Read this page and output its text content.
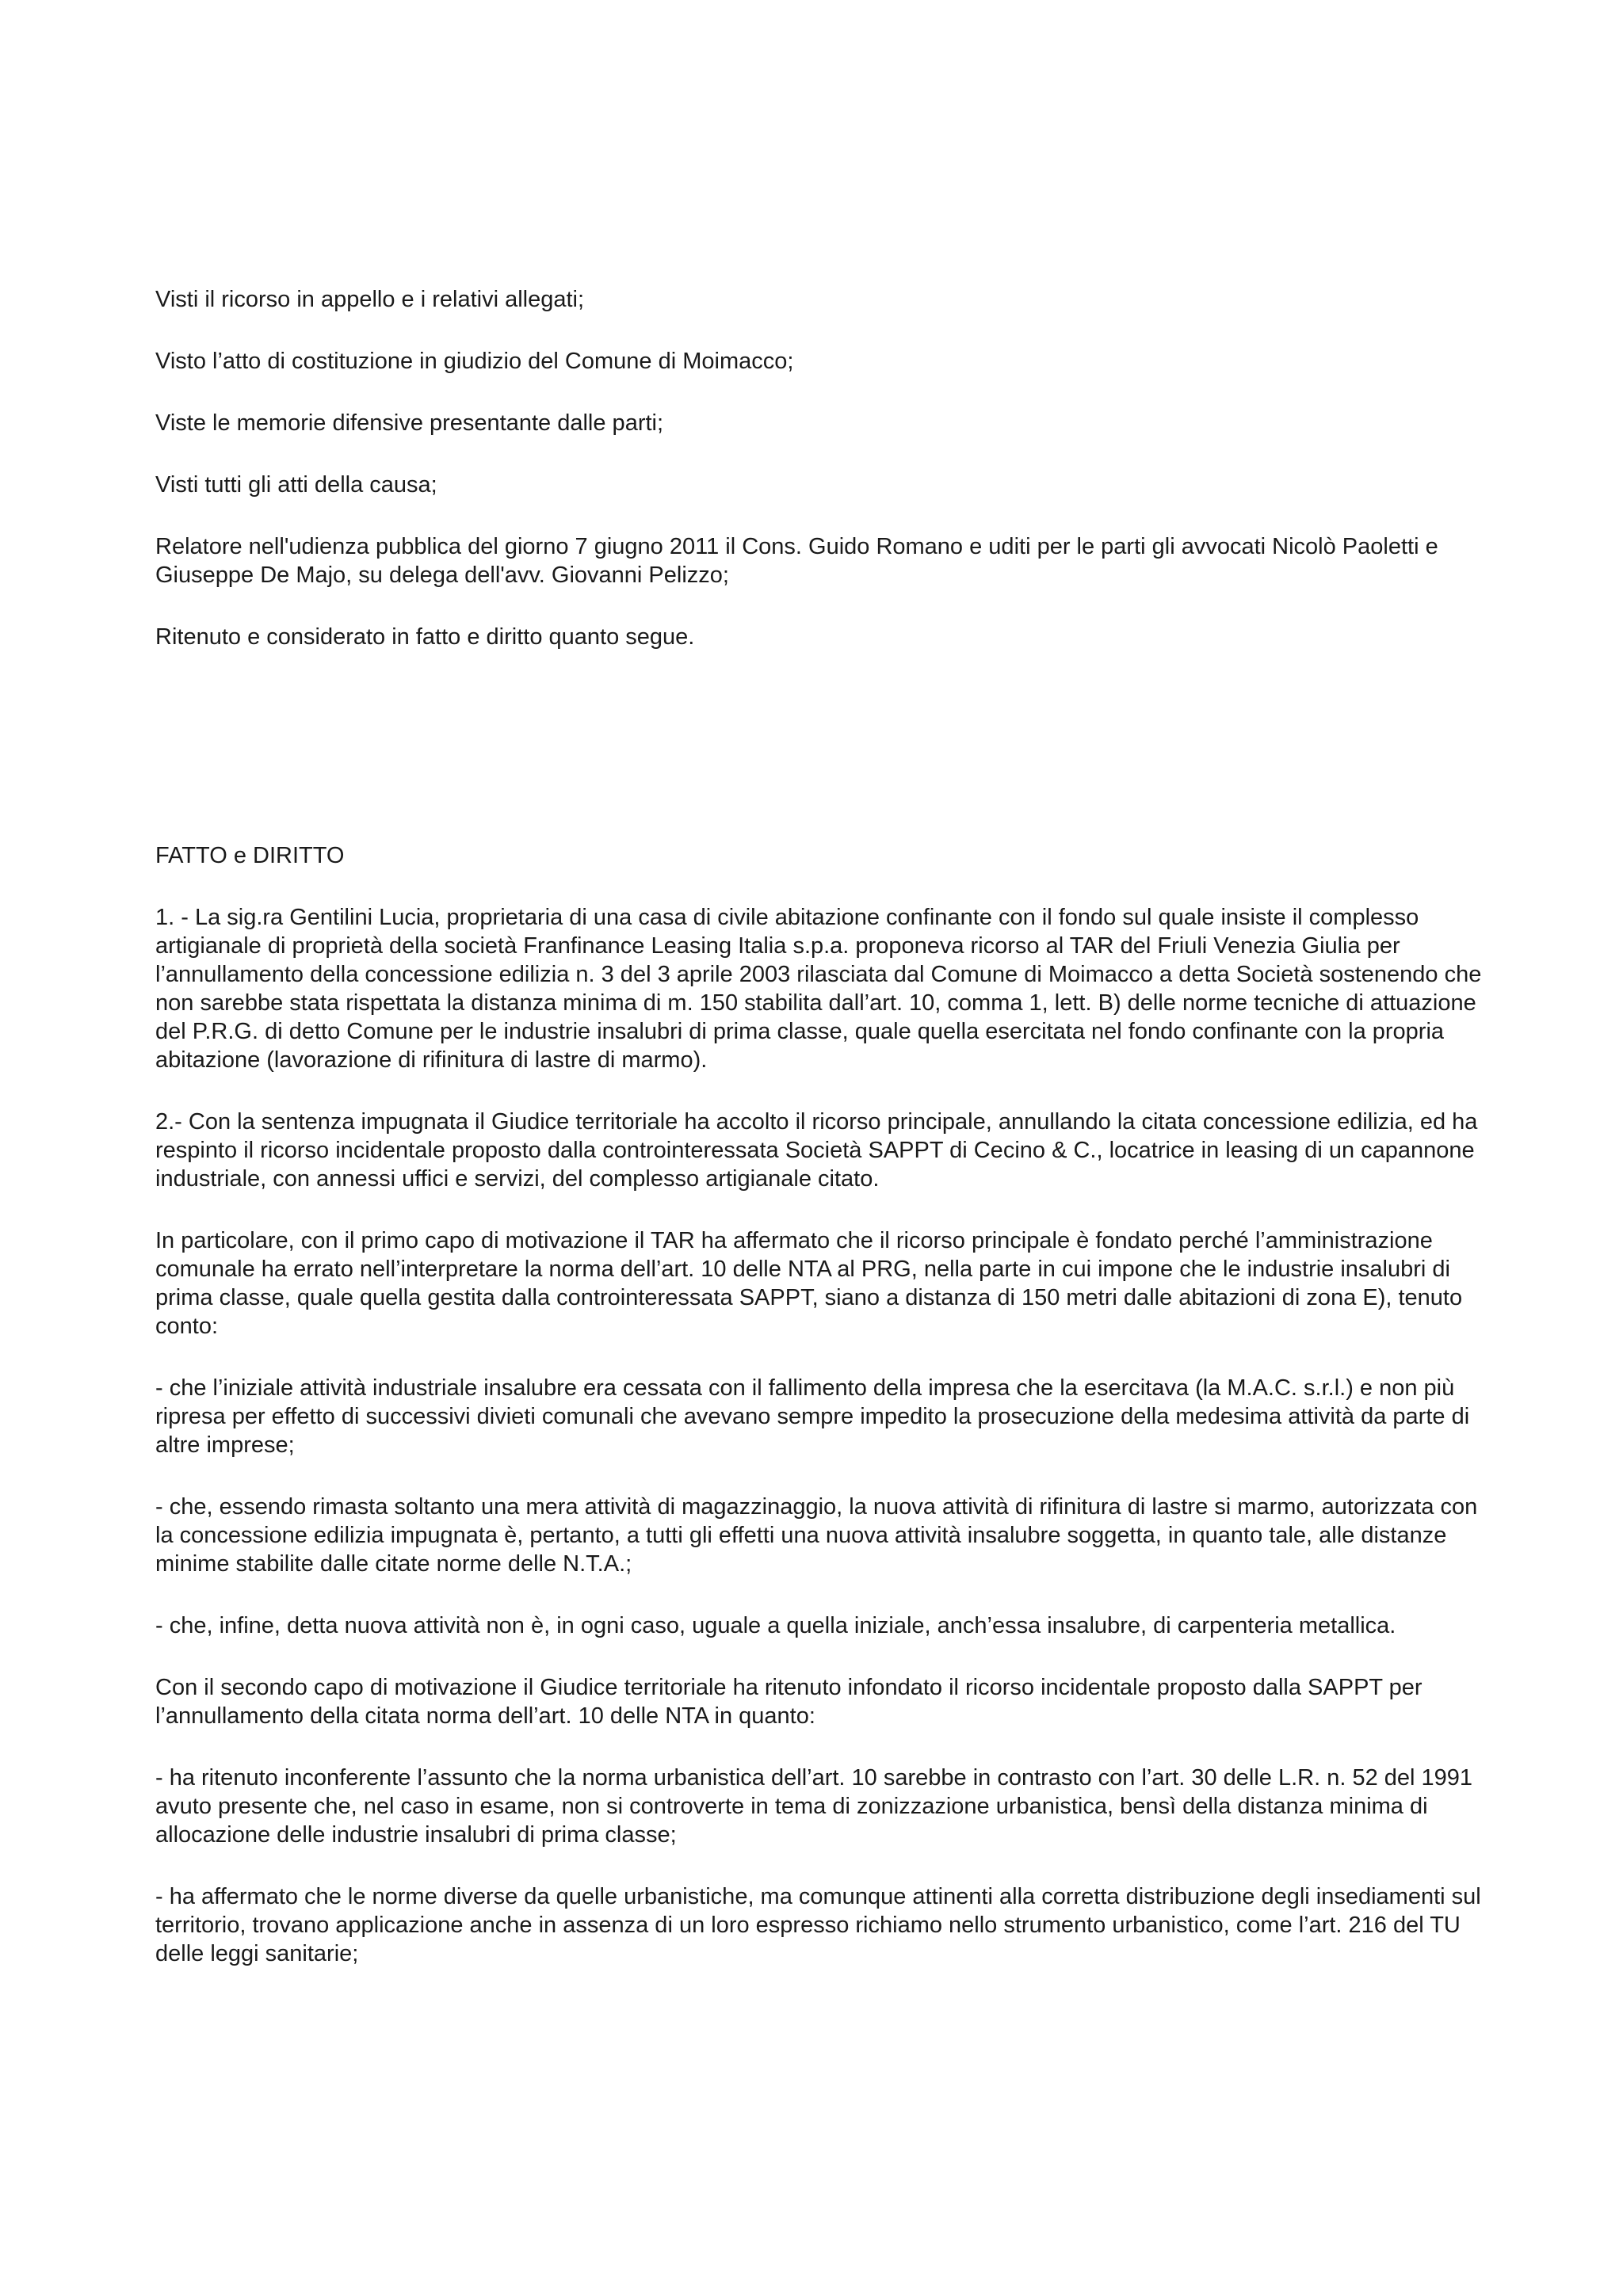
Visti il ricorso in appello e i relativi allegati;

Visto l’atto di costituzione in giudizio del Comune di Moimacco;

Viste le memorie difensive presentante dalle parti;

Visti tutti gli atti della causa;

Relatore nell'udienza pubblica del giorno 7 giugno 2011 il Cons. Guido Romano e uditi per le parti gli avvocati Nicolò Paoletti e Giuseppe De Majo, su delega dell'avv. Giovanni Pelizzo;

Ritenuto e considerato in fatto e diritto quanto segue.

FATTO e DIRITTO

1. - La sig.ra Gentilini Lucia, proprietaria di una casa di civile abitazione confinante con il fondo sul quale insiste il complesso artigianale di proprietà della società Franfinance Leasing Italia s.p.a. proponeva ricorso al TAR del Friuli Venezia Giulia per l’annullamento della concessione edilizia n. 3 del 3 aprile 2003 rilasciata dal Comune di Moimacco a detta Società sostenendo che non sarebbe stata rispettata la distanza minima di m. 150 stabilita dall’art. 10, comma 1, lett. B) delle norme tecniche di attuazione del P.R.G. di detto Comune per le industrie insalubri di prima classe, quale quella esercitata nel fondo confinante con la propria abitazione (lavorazione di rifinitura di lastre di marmo).

2.- Con la sentenza impugnata il Giudice territoriale ha accolto il ricorso principale, annullando la citata concessione edilizia, ed ha respinto il ricorso incidentale proposto dalla controinteressata Società SAPPT di Cecino & C., locatrice in leasing di un capannone industriale, con annessi uffici e servizi, del complesso artigianale citato.

In particolare, con il primo capo di motivazione il TAR ha affermato che il ricorso principale è fondato perché l’amministrazione comunale ha errato nell’interpretare la norma dell’art. 10 delle NTA al PRG, nella parte in cui impone che le industrie insalubri di prima classe, quale quella gestita dalla controinteressata SAPPT, siano a distanza di 150 metri dalle abitazioni di zona E), tenuto conto:

- che l’iniziale attività industriale insalubre era cessata con il fallimento della impresa che la esercitava (la M.A.C. s.r.l.) e non più ripresa per effetto di successivi divieti comunali che avevano sempre impedito la prosecuzione della medesima attività da parte di altre imprese;

- che, essendo rimasta soltanto una mera attività di magazzinaggio, la nuova attività di rifinitura di lastre si marmo, autorizzata con la concessione edilizia impugnata è, pertanto, a tutti gli effetti una nuova attività insalubre soggetta, in quanto tale, alle distanze minime stabilite dalle citate norme delle N.T.A.;

- che, infine, detta nuova attività non è, in ogni caso, uguale a quella iniziale, anch’essa insalubre, di carpenteria metallica.

Con il secondo capo di motivazione il Giudice territoriale ha ritenuto infondato il ricorso incidentale proposto dalla SAPPT per l’annullamento della citata norma dell’art. 10 delle NTA in quanto:

- ha ritenuto inconferente l’assunto che la norma urbanistica dell’art. 10 sarebbe in contrasto con l’art. 30 delle L.R. n. 52 del 1991 avuto presente che, nel caso in esame, non si controverte in tema di zonizzazione urbanistica, bensì della distanza minima di allocazione delle industrie insalubri di prima classe;

- ha affermato che le norme diverse da quelle urbanistiche, ma comunque attinenti alla corretta distribuzione degli insediamenti sul territorio, trovano applicazione anche in assenza di un loro espresso richiamo nello strumento urbanistico, come l’art. 216 del TU delle leggi sanitarie;
